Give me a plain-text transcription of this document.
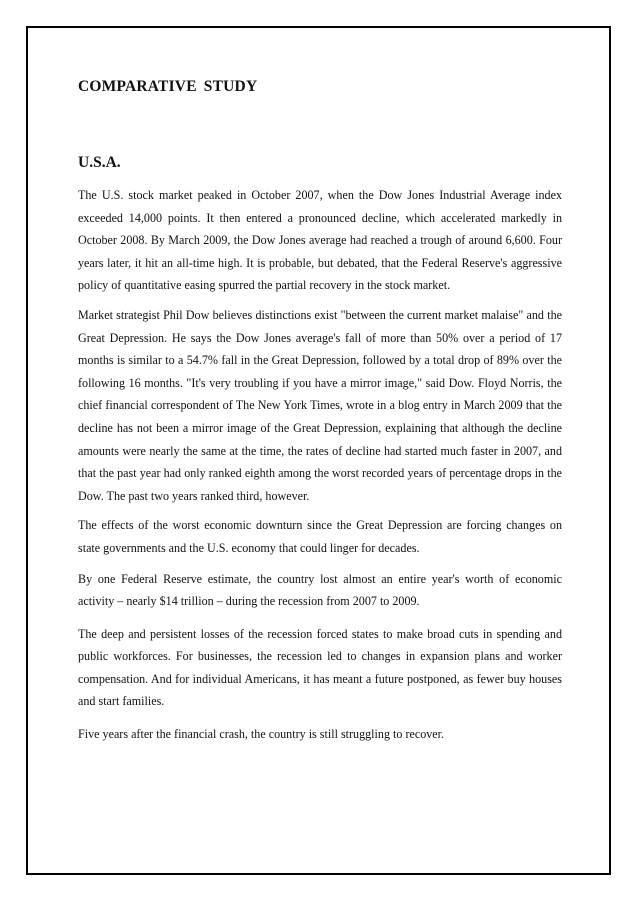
COMPARATIVE STUDY
U.S.A.

The U.S. stock market peaked in October 2007, when the Dow Jones Industrial Average index exceeded 14,000 points. It then entered a pronounced decline, which accelerated markedly in October 2008. By March 2009, the Dow Jones average had reached a trough of around 6,600. Four years later, it hit an all-time high. It is probable, but debated, that the Federal Reserve's aggressive policy of quantitative easing spurred the partial recovery in the stock market.

Market strategist Phil Dow believes distinctions exist "between the current market malaise" and the Great Depression. He says the Dow Jones average's fall of more than 50% over a period of 17 months is similar to a 54.7% fall in the Great Depression, followed by a total drop of 89% over the following 16 months. "It's very troubling if you have a mirror image," said Dow. Floyd Norris, the chief financial correspondent of The New York Times, wrote in a blog entry in March 2009 that the decline has not been a mirror image of the Great Depression, explaining that although the decline amounts were nearly the same at the time, the rates of decline had started much faster in 2007, and that the past year had only ranked eighth among the worst recorded years of percentage drops in the Dow. The past two years ranked third, however.

The effects of the worst economic downturn since the Great Depression are forcing changes on state governments and the U.S. economy that could linger for decades.

By one Federal Reserve estimate, the country lost almost an entire year's worth of economic activity – nearly $14 trillion – during the recession from 2007 to 2009.

The deep and persistent losses of the recession forced states to make broad cuts in spending and public workforces. For businesses, the recession led to changes in expansion plans and worker compensation. And for individual Americans, it has meant a future postponed, as fewer buy houses and start families.

Five years after the financial crash, the country is still struggling to recover.
